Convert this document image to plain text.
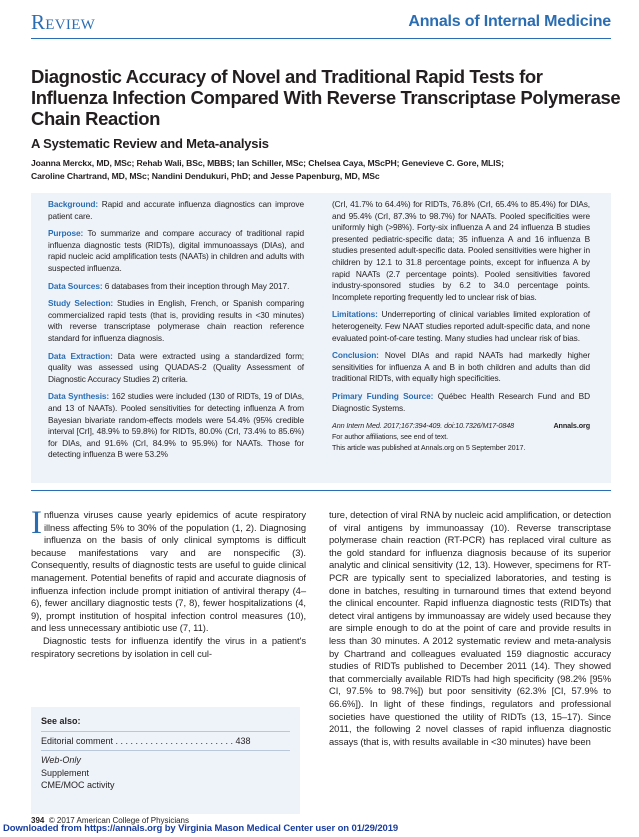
Review	Annals of Internal Medicine
Diagnostic Accuracy of Novel and Traditional Rapid Tests for Influenza Infection Compared With Reverse Transcriptase Polymerase Chain Reaction
A Systematic Review and Meta-analysis
Joanna Merckx, MD, MSc; Rehab Wali, BSc, MBBS; Ian Schiller, MSc; Chelsea Caya, MScPH; Genevieve C. Gore, MLIS;
Caroline Chartrand, MD, MSc; Nandini Dendukuri, PhD; and Jesse Papenburg, MD, MSc

Background: Rapid and accurate influenza diagnostics can improve patient care.

Purpose: To summarize and compare accuracy of traditional rapid influenza diagnostic tests (RIDTs), digital immunoassays (DIAs), and rapid nucleic acid amplification tests (NAATs) in children and adults with suspected influenza.

Data Sources: 6 databases from their inception through May 2017.

Study Selection: Studies in English, French, or Spanish comparing commercialized rapid tests (that is, providing results in <30 minutes) with reverse transcriptase polymerase chain reaction reference standard for influenza diagnosis.

Data Extraction: Data were extracted using a standardized form; quality was assessed using QUADAS-2 (Quality Assessment of Diagnostic Accuracy Studies 2) criteria.

Data Synthesis: 162 studies were included (130 of RIDTs, 19 of DIAs, and 13 of NAATs). Pooled sensitivities for detecting influenza A from Bayesian bivariate random-effects models were 54.4% (95% credible interval [CrI], 48.9% to 59.8%) for RIDTs, 80.0% (CrI, 73.4% to 85.6%) for DIAs, and 91.6% (CrI, 84.9% to 95.9%) for NAATs. Those for detecting influenza B were 53.2%

(CrI, 41.7% to 64.4%) for RIDTs, 76.8% (CrI, 65.4% to 85.4%) for DIAs, and 95.4% (CrI, 87.3% to 98.7%) for NAATs. Pooled specificities were uniformly high (>98%). Forty-six influenza A and 24 influenza B studies presented pediatric-specific data; 35 influenza A and 16 influenza B studies presented adult-specific data. Pooled sensitivities were higher in children by 12.1 to 31.8 percentage points, except for influenza A by rapid NAATs (2.7 percentage points). Pooled sensitivities favored industry-sponsored studies by 6.2 to 34.0 percentage points. Incomplete reporting frequently led to unclear risk of bias.

Limitations: Underreporting of clinical variables limited exploration of heterogeneity. Few NAAT studies reported adult-specific data, and none evaluated point-of-care testing. Many studies had unclear risk of bias.

Conclusion: Novel DIAs and rapid NAATs had markedly higher sensitivities for influenza A and B in both children and adults than did traditional RIDTs, with equally high specificities.

Primary Funding Source: Québec Health Research Fund and BD Diagnostic Systems.

Ann Intern Med. 2017;167:394-409. doi:10.7326/M17-0848	Annals.org
For author affiliations, see end of text.
This article was published at Annals.org on 5 September 2017.

Influenza viruses cause yearly epidemics of acute respiratory illness affecting 5% to 30% of the population (1, 2). Diagnosing influenza on the basis of only clinical symptoms is difficult because manifestations vary and are nonspecific (3). Consequently, results of diagnostic tests are useful to guide clinical management. Potential benefits of rapid and accurate diagnosis of influenza infection include prompt initiation of antiviral therapy (4–6), fewer ancillary diagnostic tests (7, 8), fewer hospitalizations (4, 9), prompt institution of hospital infection control measures (10), and less unnecessary antibiotic use (7, 11).

Diagnostic tests for influenza identify the virus in a patient's respiratory secretions by isolation in cell cul-

ture, detection of viral RNA by nucleic acid amplification, or detection of viral antigens by immunoassay (10). Reverse transcriptase polymerase chain reaction (RT-PCR) has replaced viral culture as the gold standard for influenza diagnosis because of its superior analytic and clinical sensitivity (12, 13). However, specimens for RT-PCR are typically sent to specialized laboratories, and testing is done in batches, resulting in turnaround times that extend beyond the clinical encounter. Rapid influenza diagnostic tests (RIDTs) that detect viral antigens by immunoassay are widely used because they are simple enough to do at the point of care and provide results in less than 30 minutes. A 2012 systematic review and meta-analysis by Chartrand and colleagues evaluated 159 diagnostic accuracy studies of RIDTs published to December 2011 (14). They showed that commercially available RIDTs had high specificity (98.2% [95% CI, 97.5% to 98.7%]) but poor sensitivity (62.3% [CI, 57.9% to 66.6%]). In light of these findings, regulators and professional societies have questioned the utility of RIDTs (13, 15–17). Since 2011, the following 2 novel classes of rapid influenza diagnostic assays (that is, with results available in <30 minutes) have been

See also:
Editorial comment . . . . . . . . . . . . . . . . . . . . . . . . 438
Web-Only
Supplement
CME/MOC activity
394 © 2017 American College of Physicians
Downloaded from https://annals.org by Virginia Mason Medical Center user on 01/29/2019
